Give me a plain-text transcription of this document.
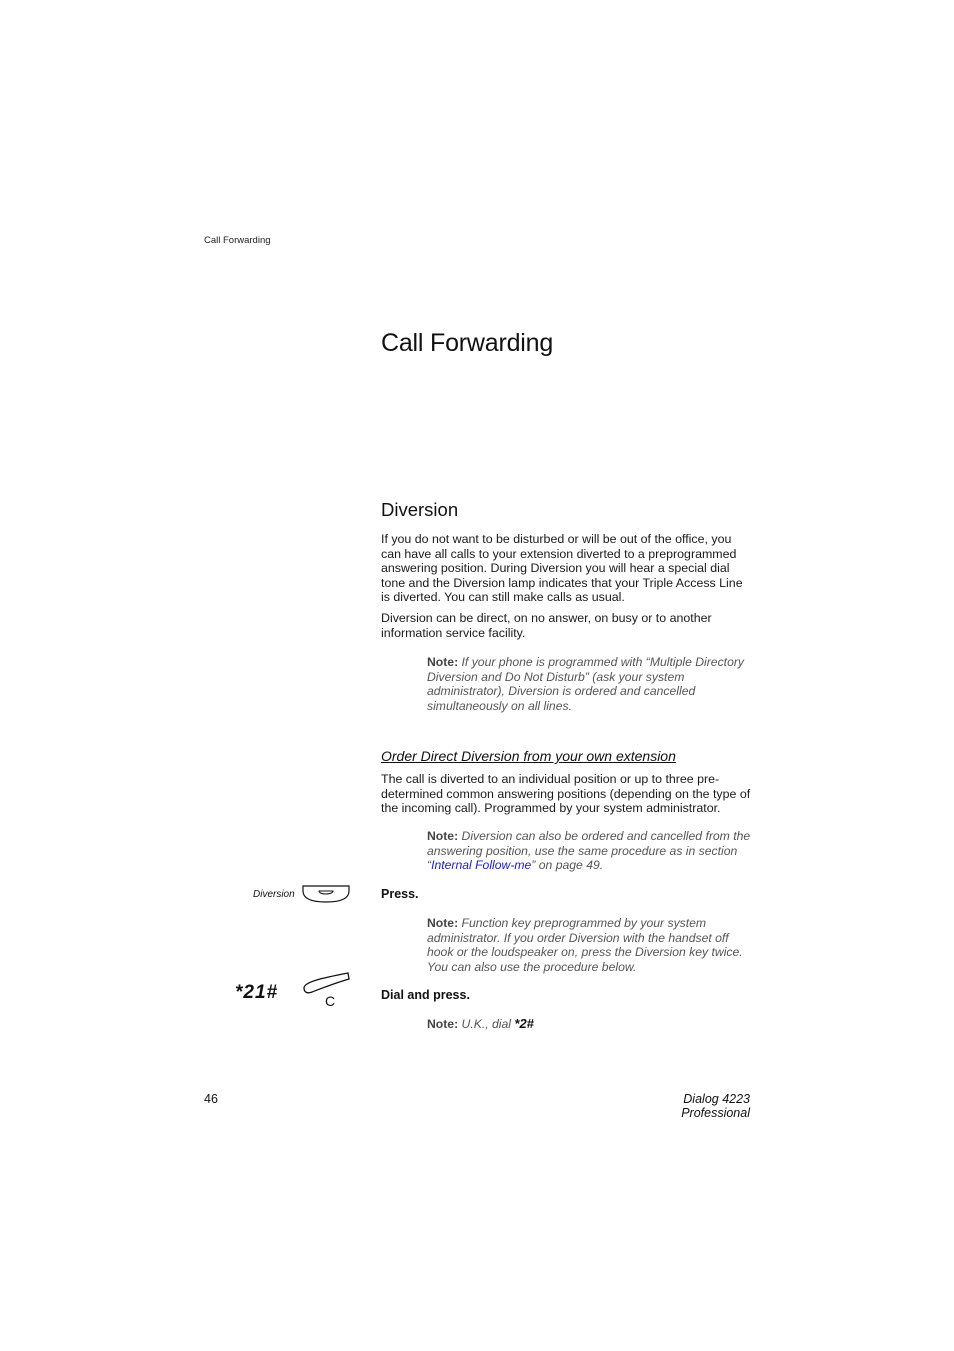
Call Forwarding
Call Forwarding
Diversion
If you do not want to be disturbed or will be out of the office, you can have all calls to your extension diverted to a preprogrammed answering position. During Diversion you will hear a special dial tone and the Diversion lamp indicates that your Triple Access Line is diverted. You can still make calls as usual.
Diversion can be direct, on no answer, on busy or to another information service facility.
Note: If your phone is programmed with “Multiple Directory Diversion and Do Not Disturb” (ask your system administrator), Diversion is ordered and cancelled simultaneously on all lines.
Order Direct Diversion from your own extension
The call is diverted to an individual position or up to three pre-determined common answering positions (depending on the type of the incoming call). Programmed by your system administrator.
Note: Diversion can also be ordered and cancelled from the answering position, use the same procedure as in section “Internal Follow-me” on page 49.
Diversion	Press.
Note: Function key preprogrammed by your system administrator. If you order Diversion with the handset off hook or the loudspeaker on, press the Diversion key twice. You can also use the procedure below.
*21#	C	Dial and press.
Note: U.K., dial *2#
46	Dialog 4223 Professional
